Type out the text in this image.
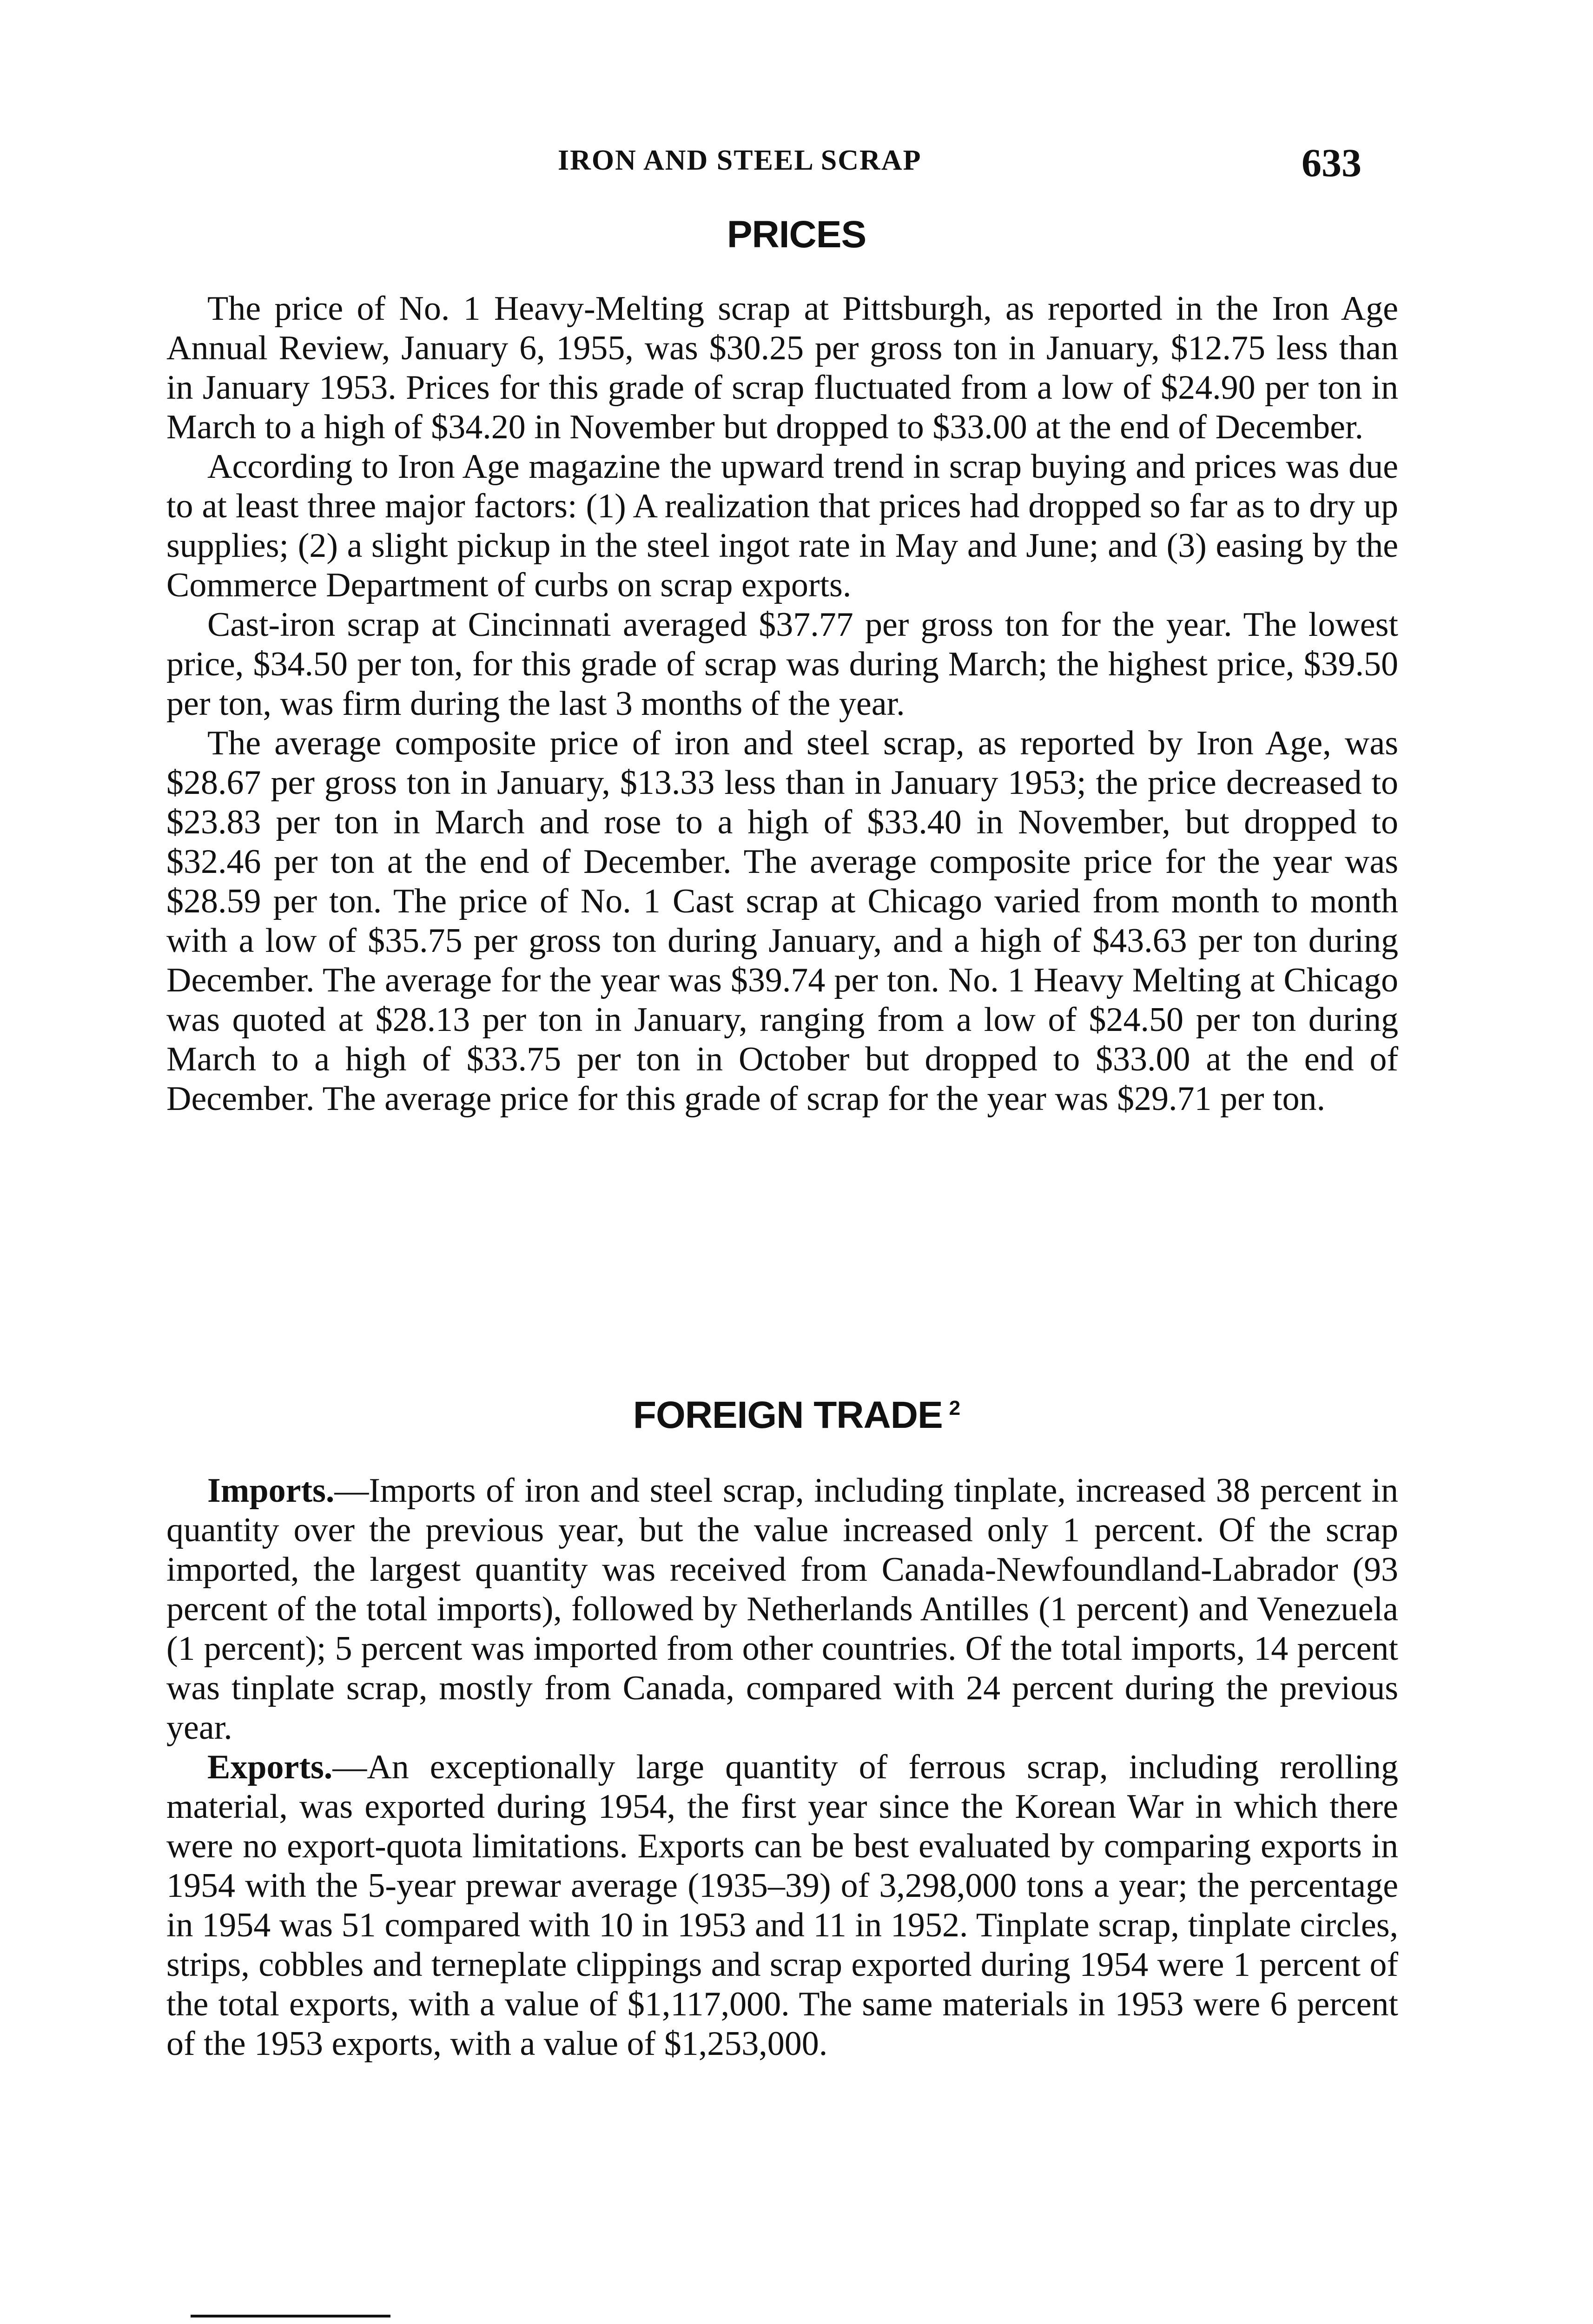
IRON AND STEEL SCRAP	633
PRICES

The price of No. 1 Heavy-Melting scrap at Pittsburgh, as reported in the Iron Age Annual Review, January 6, 1955, was $30.25 per gross ton in January, $12.75 less than in January 1953. Prices for this grade of scrap fluctuated from a low of $24.90 per ton in March to a high of $34.20 in November but dropped to $33.00 at the end of December.

According to Iron Age magazine the upward trend in scrap buying and prices was due to at least three major factors: (1) A realization that prices had dropped so far as to dry up supplies; (2) a slight pickup in the steel ingot rate in May and June; and (3) easing by the Commerce Department of curbs on scrap exports.

Cast-iron scrap at Cincinnati averaged $37.77 per gross ton for the year. The lowest price, $34.50 per ton, for this grade of scrap was during March; the highest price, $39.50 per ton, was firm during the last 3 months of the year.

The average composite price of iron and steel scrap, as reported by Iron Age, was $28.67 per gross ton in January, $13.33 less than in January 1953; the price decreased to $23.83 per ton in March and rose to a high of $33.40 in November, but dropped to $32.46 per ton at the end of December. The average composite price for the year was $28.59 per ton. The price of No. 1 Cast scrap at Chicago varied from month to month with a low of $35.75 per gross ton during January, and a high of $43.63 per ton during December. The average for the year was $39.74 per ton. No. 1 Heavy Melting at Chicago was quoted at $28.13 per ton in January, ranging from a low of $24.50 per ton during March to a high of $33.75 per ton in October but dropped to $33.00 at the end of December. The average price for this grade of scrap for the year was $29.71 per ton.

FOREIGN TRADE $^2$

Imports.—Imports of iron and steel scrap, including tinplate, increased 38 percent in quantity over the previous year, but the value increased only 1 percent. Of the scrap imported, the largest quantity was received from Canada-Newfoundland-Labrador (93 percent of the total imports), followed by Netherlands Antilles (1 percent) and Venezuela (1 percent); 5 percent was imported from other countries. Of the total imports, 14 percent was tinplate scrap, mostly from Canada, compared with 24 percent during the previous year.

Exports.—An exceptionally large quantity of ferrous scrap, including rerolling material, was exported during 1954, the first year since the Korean War in which there were no export-quota limitations. Exports can be best evaluated by comparing exports in 1954 with the 5-year prewar average (1935–39) of 3,298,000 tons a year; the percentage in 1954 was 51 compared with 10 in 1953 and 11 in 1952. Tinplate scrap, tinplate circles, strips, cobbles and terneplate clippings and scrap exported during 1954 were 1 percent of the total exports, with a value of $1,117,000. The same materials in 1953 were 6 percent of the 1953 exports, with a value of $1,253,000.
